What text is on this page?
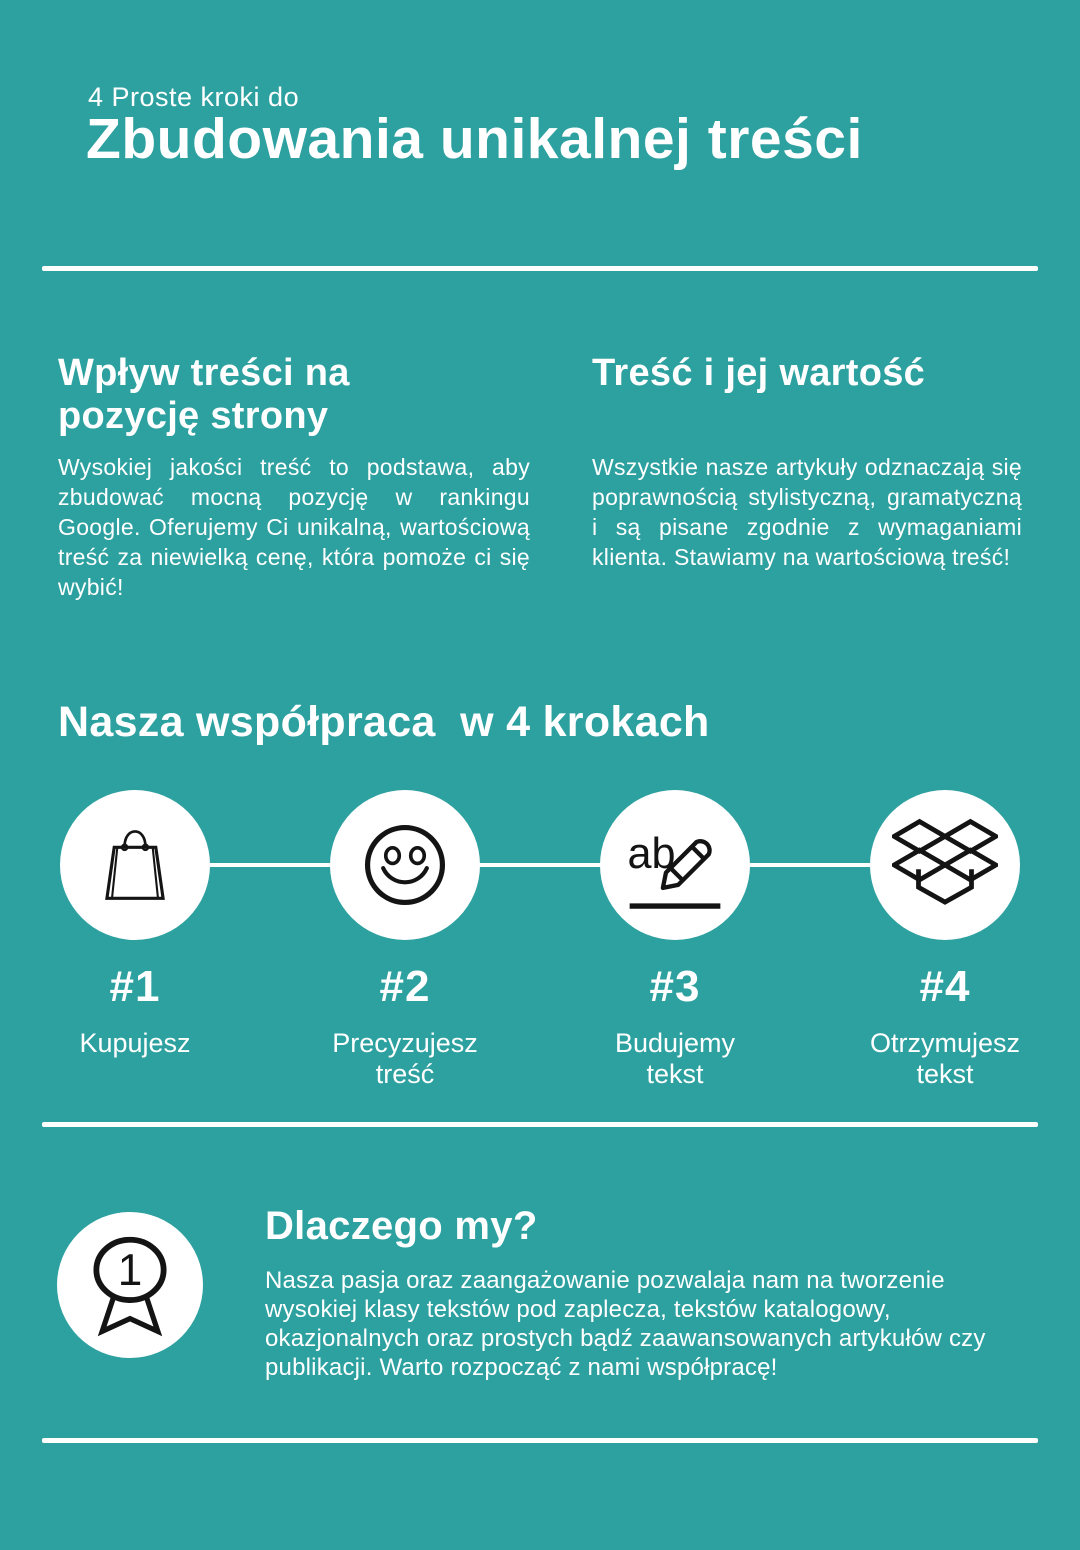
4 Proste kroki do
Zbudowania unikalnej treści
Wpływ treści na pozycję strony

Wysokiej jakości treść to podstawa, aby zbudować mocną pozycję w rankingu Google. Oferujemy Ci unikalną, wartościową treść za niewielką cenę, która pomoże ci się wybić!

Treść i jej wartość

Wszystkie nasze artykuły odznaczają się poprawnością stylistyczną, gramatyczną i są pisane zgodnie z wymaganiami klienta. Stawiamy na wartościową treść!

Nasza współpraca  w 4 krokach
ab

#1

Kupujesz

#2

Precyzujesz treść

#3

Budujemy tekst

#4

Otrzymujesz tekst

1
Dlaczego my?
Nasza pasja oraz zaangażowanie pozwalaja nam na tworzenie wysokiej klasy tekstów pod zaplecza, tekstów katalogowy, okazjonalnych oraz prostych bądź zaawansowanych artykułów czy publikacji. Warto rozpocząć z nami współpracę!
